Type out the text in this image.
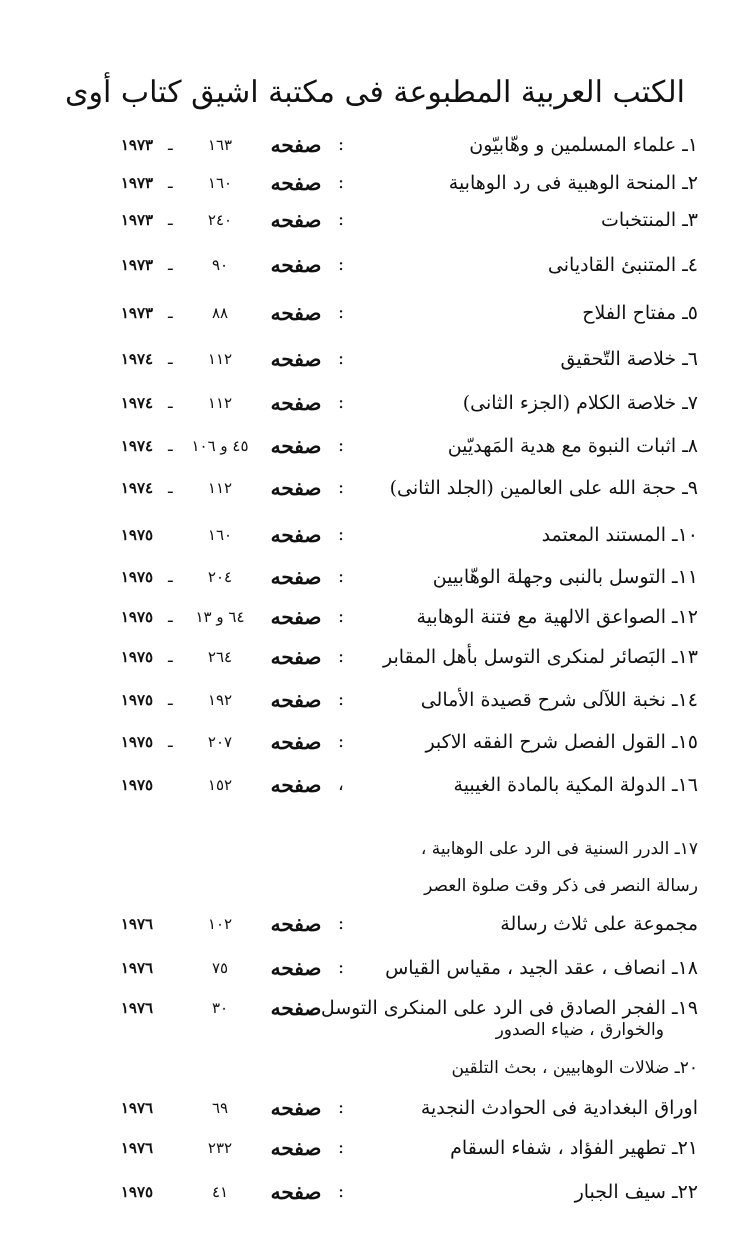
الكتب العربية المطبوعة فى مكتبة اشيق كتاب أوى
١ـ علماء المسلمين و وهّابيّون
:
صفحه
١٦٣
ـ
١٩٧٣
٢ـ المنحة الوهبية فى رد الوهابية
:
صفحه
١٦٠
ـ
١٩٧٣
٣ـ المنتخبات
:
صفحه
٢٤٠
ـ
١٩٧٣
٤ـ المتنبئ القاديانى
:
صفحه
٩٠
ـ
١٩٧٣
٥ـ مفتاح الفلاح
:
صفحه
٨٨
ـ
١٩٧٣
٦ـ خلاصة التّحقيق
:
صفحه
١١٢
ـ
١٩٧٤
٧ـ خلاصة الكلام (الجزء الثانى)
:
صفحه
١١٢
ـ
١٩٧٤
٨ـ اثبات النبوة مع هدية المَهديّين
:
صفحه
٤٥ و ١٠٦
ـ
١٩٧٤
٩ـ حجة الله على العالمين (الجلد الثانى)
:
صفحه
١١٢
ـ
١٩٧٤
١٠ـ المستند المعتمد
:
صفحه
١٦٠
١٩٧٥
١١ـ التوسل بالنبى وجهلة الوهّابيين
:
صفحه
٢٠٤
ـ
١٩٧٥
١٢ـ الصواعق الالهية مع فتنة الوهابية
:
صفحه
٦٤ و ١٣
ـ
١٩٧٥
١٣ـ البَصائر لمنكرى التوسل بأهل المقابر
:
صفحه
٢٦٤
ـ
١٩٧٥
١٤ـ نخبة اللآلى شرح قصيدة الأمالى
:
صفحه
١٩٢
ـ
١٩٧٥
١٥ـ القول الفصل شرح الفقه الاكبر
:
صفحه
٢٠٧
ـ
١٩٧٥
١٦ـ الدولة المكية بالمادة الغيبية
،
صفحه
١٥٢
١٩٧٥
مجموعة على ثلاث رسالة
:
صفحه
١٠٢
١٩٧٦
١٨ـ انصاف ، عقد الجيد ، مقياس القياس
:
صفحه
٧٥
١٩٧٦
١٩ـ الفجر الصادق فى الرد على المنكرى التوسل ،
صفحه
٣٠
١٩٧٦
اوراق البغدادية فى الحوادث النجدية
:
صفحه
٦٩
١٩٧٦
٢١ـ تطهير الفؤاد ، شفاء السقام
:
صفحه
٢٣٢
١٩٧٦
٢٢ـ سيف الجبار
:
صفحه
٤١
١٩٧٥
١٧ـ الدرر السنية فى الرد على الوهابية ،
رسالة النصر فى ذكر وقت صلوة العصر
والخوارق ، ضياء الصدور
٢٠ـ ضلالات الوهابيين ، بحث التلقين
